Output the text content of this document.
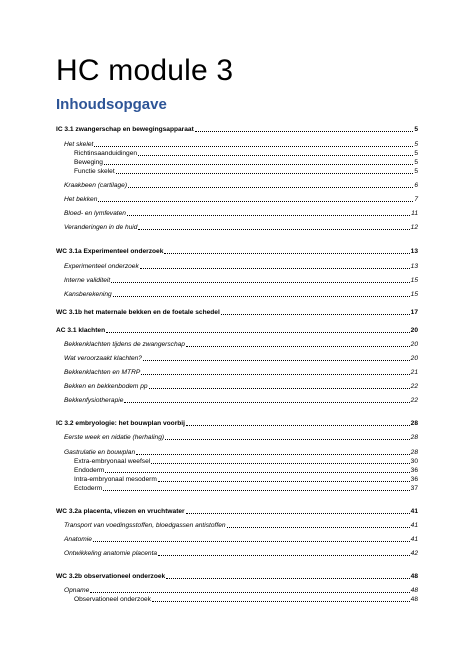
HC module 3
Inhoudsopgave
IC 3.1 zwangerschap en bewegingsapparaat	5
Het skelet	5
Richtinsaanduidingen	5
Beweging	5
Functie skelet	5
Kraakbeen (cartilage)	6
Het bekken	7
Bloed- en lymfevaten	11
Veranderingen in de huid	12
WC 3.1a Experimenteel onderzoek	13
Experimenteel onderzoek	13
Interne validiteit	15
Kansberekening	15
WC 3.1b het maternale bekken en de foetale schedel	17
AC 3.1 klachten	20
Bekkenklachten tijdens de zwangerschap	20
Wat veroorzaakt klachten?	20
Bekkenklachten en MTRP	21
Bekken en bekkenbodem pp	22
Bekkenfysiotherapie	22
IC 3.2 embryologie: het bouwplan voorbij	28
Eerste week en nidatie (herhaling)	28
Gastrulatie en bouwplan	28
Extra-embryonaal weefsel	30
Endoderm	36
Intra-embryonaal mesoderm	36
Ectoderm	37
WC 3.2a placenta, vliezen en vruchtwater	41
Transport van voedingsstoffen, bloedgassen antistoffen	41
Anatomie	41
Ontwikkeling anatomie placenta	42
WC 3.2b observationeel onderzoek	48
Opname	48
Observationeel onderzoek	48
